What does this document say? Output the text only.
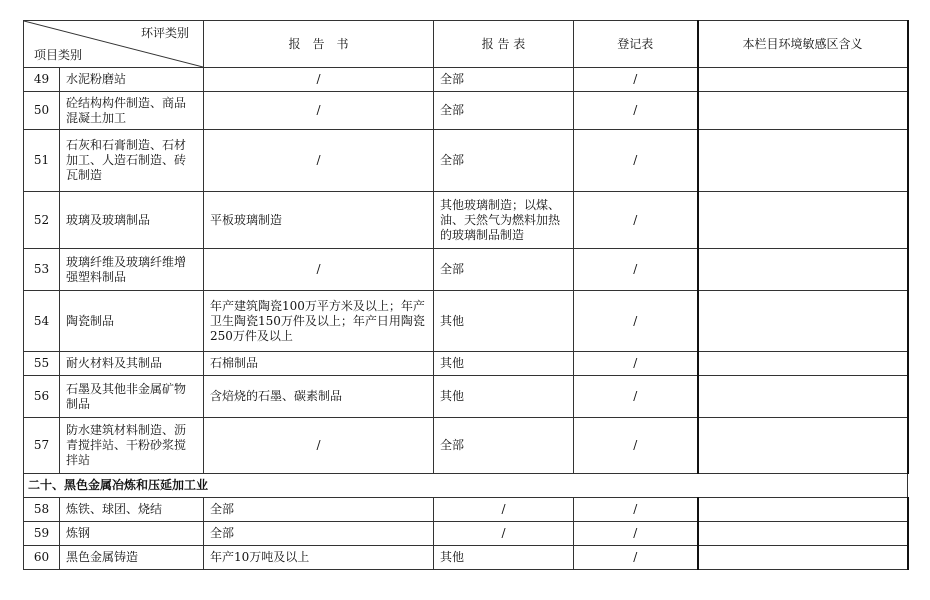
环评类别
项目类别		报　告　书	报 告 表	登记表	本栏目环境敏感区含义
49	水泥粉磨站	/	全部	/	
50	砼结构构件制造、商品混凝土加工	/	全部	/	
51	石灰和石膏制造、石材加工、人造石制造、砖瓦制造	/	全部	/	
52	玻璃及玻璃制品	平板玻璃制造	其他玻璃制造；以煤、油、天然气为燃料加热的玻璃制品制造	/	
53	玻璃纤维及玻璃纤维增强塑料制品	/	全部	/	
54	陶瓷制品	年产建筑陶瓷100万平方米及以上；年产卫生陶瓷150万件及以上；年产日用陶瓷250万件及以上	其他	/	
55	耐火材料及其制品	石棉制品	其他	/	
56	石墨及其他非金属矿物制品	含焙烧的石墨、碳素制品	其他	/	
57	防水建筑材料制造、沥青搅拌站、干粉砂浆搅拌站	/	全部	/	
二十、黑色金属冶炼和压延加工业					
58	炼铁、球团、烧结	全部	/	/	
59	炼钢	全部	/	/	
60	黑色金属铸造	年产10万吨及以上	其他	/	
